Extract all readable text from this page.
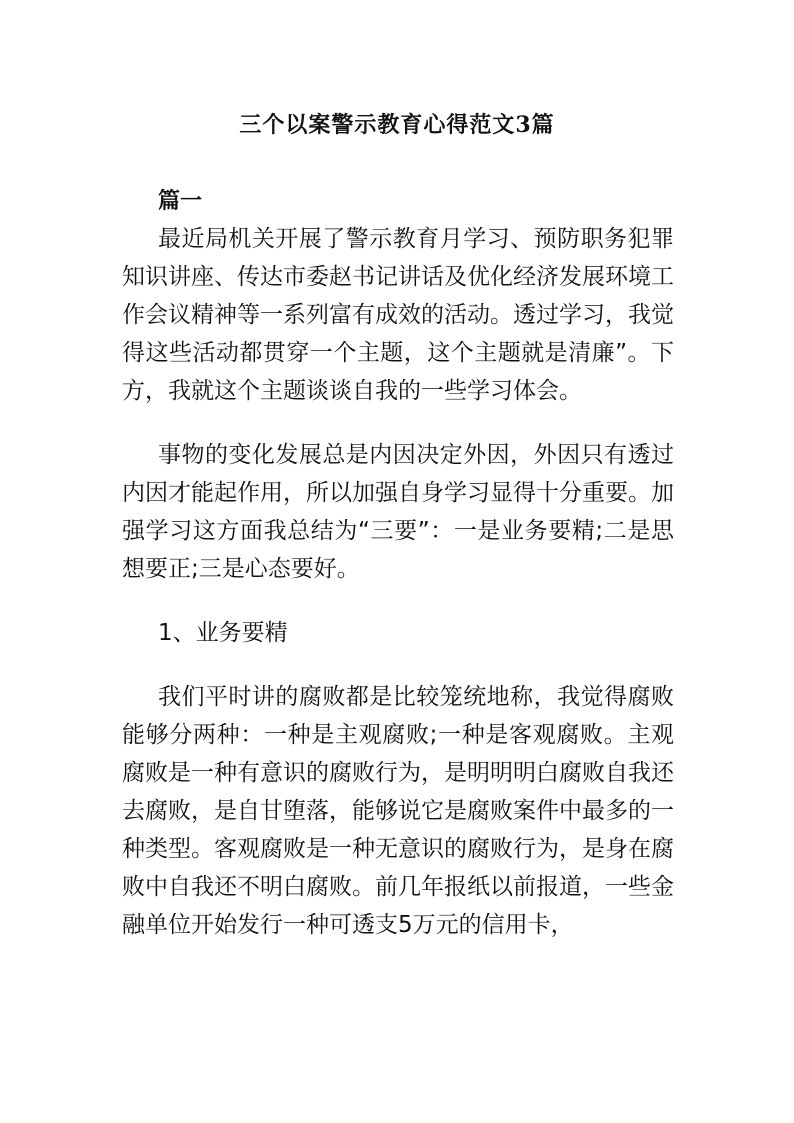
三个以案警示教育心得范文3篇
篇一

最近局机关开展了警示教育月学习、预防职务犯罪知识讲座、传达市委赵书记讲话及优化经济发展环境工作会议精神等一系列富有成效的活动。透过学习，我觉得这些活动都贯穿一个主题，这个主题就是清廉”。下方，我就这个主题谈谈自我的一些学习体会。

事物的变化发展总是内因决定外因，外因只有透过内因才能起作用，所以加强自身学习显得十分重要。加强学习这方面我总结为“三要”：一是业务要精;二是思想要正;三是心态要好。

1、业务要精

我们平时讲的腐败都是比较笼统地称，我觉得腐败能够分两种：一种是主观腐败;一种是客观腐败。主观腐败是一种有意识的腐败行为，是明明明白腐败自我还去腐败，是自甘堕落，能够说它是腐败案件中最多的一种类型。客观腐败是一种无意识的腐败行为，是身在腐败中自我还不明白腐败。前几年报纸以前报道，一些金融单位开始发行一种可透支5万元的信用卡，
